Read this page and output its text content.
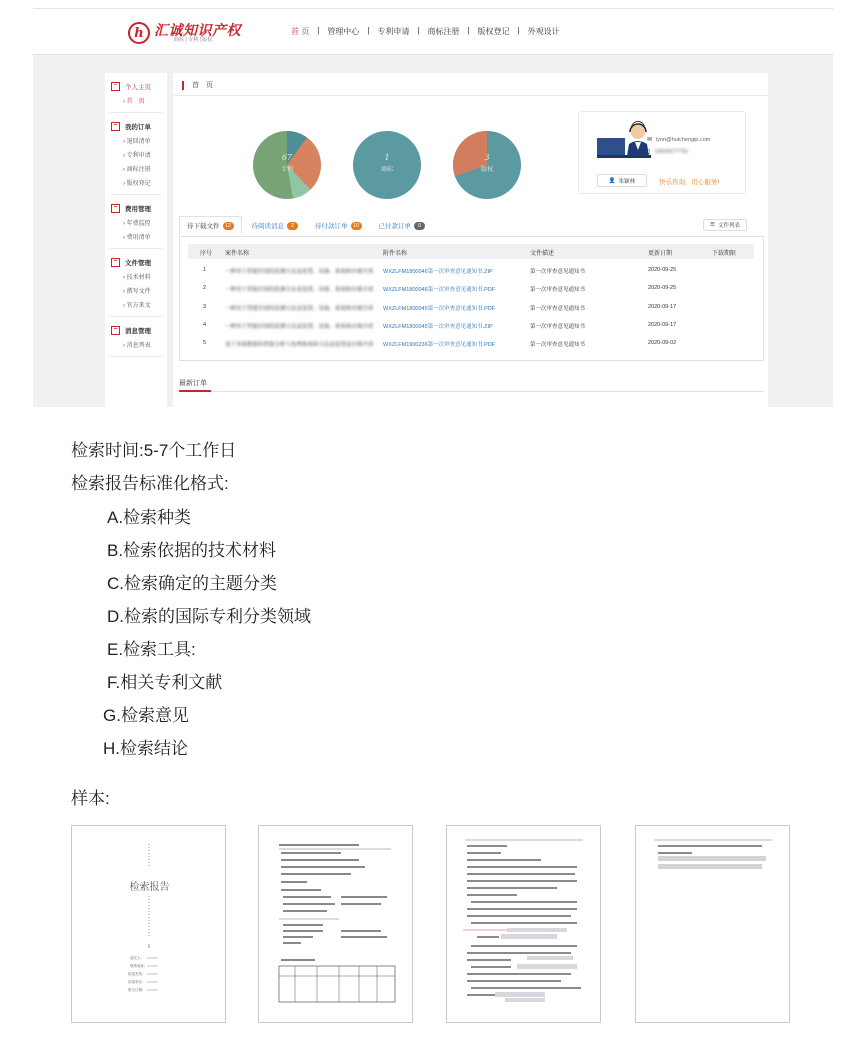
h 汇诚知识产权
商标 | 专利 | 版权
首 页	|	管理中心	|	专利申请	|	商标注册	|	版权登记	|	外观设计
−	个人主页
› 首　页
−	我的订单
› 退回清单
› 专利申请
› 商标注册
› 版权登记
−	费用管理
› 年费监控
› 费用清单
−	文件管理
› 技术材料
› 撰写文件
› 官方来文
−	消息管理
› 消息列表
首　页
67
专利
1
商标
3
版权
✉ lynn@huichengip.com
▯ 15830577756
👤 朱颖林	快乐咨询，用心服务!
待下载文件 12	待阅读消息	2	待付款订单 10	已付款订单	0	☰ 文件列表
序号 案件名称	附件名称	文件描述	更新日期	下载期限
1	一种用于智能识别的监测方法及装置、设备、系统和存储介质 WXZLFM1800046第一次审查意见通知书.ZIP	第一次审查意见通知书	2020-09-25
2	一种用于智能识别的监测方法及装置、设备、系统和存储介质 WXZLFM1800046第一次审查意见通知书.PDF	第一次审查意见通知书	2020-09-25
3	一种用于智能识别的监测方法及装置、设备、系统和存储介质 WXZLFM1800045第一次审查意见通知书.PDF	第一次审查意见通知书	2020-09-17
4	一种用于智能识别的监测方法及装置、设备、系统和存储介质 WXZLFM1800045第一次审查意见通知书.ZIP	第一次审查意见通知书	2020-09-17
5	基于多源数据的智能分析与处理系统和方法及装置及存储介质 WXZLFM1900236第一次审查意见通知书.PDF	第一次审查意见通知书	2020-09-02
最新订单
检索时间:5-7个工作日
检索报告标准化格式:
A.检索种类
B.检索依据的技术材料
C.检索确定的主题分类
D.检索的国际专利分类领域
E.检索工具:
F.相关专利文献
G.检索意见
H.检索结论
样本:
委托人:
联系地址:
检索类型:
检索单位:
报告日期:
检索报告
·	·	·
